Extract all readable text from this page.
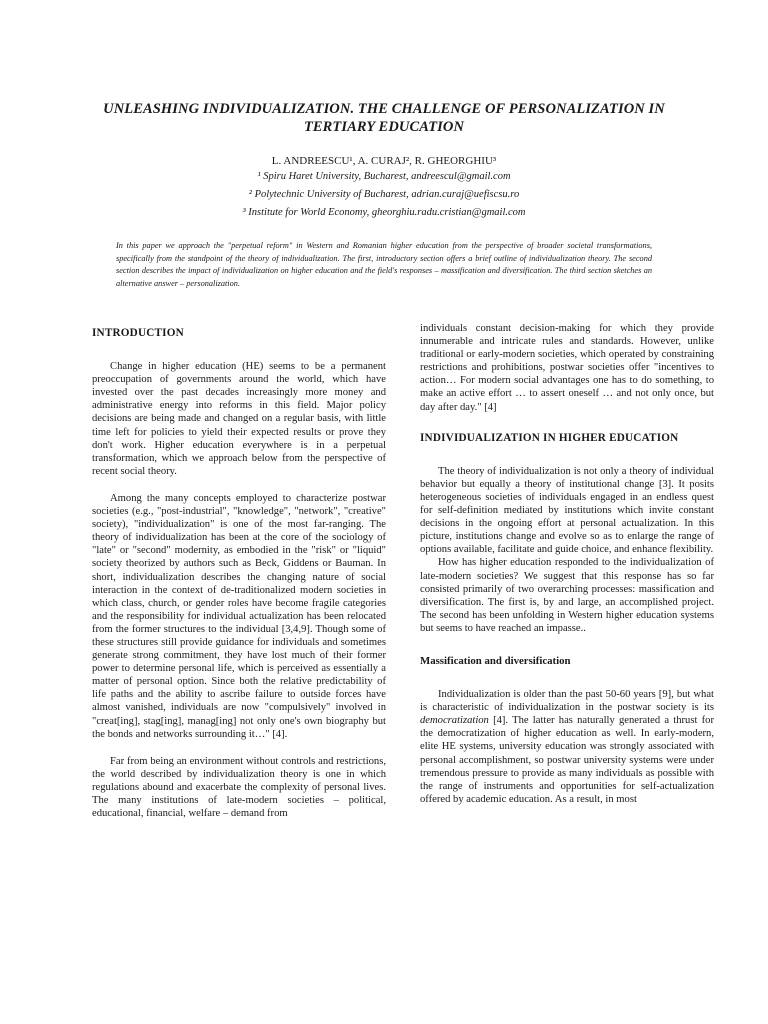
UNLEASHING INDIVIDUALIZATION. THE CHALLENGE OF PERSONALIZATION IN TERTIARY EDUCATION
L. ANDREESCU¹, A. CURAJ², R. GHEORGHIU³
¹ Spiru Haret University, Bucharest, andreescul@gmail.com
² Polytechnic University of Bucharest, adrian.curaj@uefiscsu.ro
³ Institute for World Economy, gheorghiu.radu.cristian@gmail.com
In this paper we approach the "perpetual reform" in Western and Romanian higher education from the perspective of broader societal transformations, specifically from the standpoint of the theory of individualization. The first, introductory section offers a brief outline of individualization theory. The second section describes the impact of individualization on higher education and the field's responses – massification and diversification. The third section sketches an alternative answer – personalization.
INTRODUCTION

Change in higher education (HE) seems to be a permanent preoccupation of governments around the world, which have invested over the past decades increasingly more money and administrative energy into reforms in this field. Major policy decisions are being made and changed on a regular basis, with little time left for policies to yield their expected results or prove they don't work. Higher education everywhere is in a perpetual transformation, which we approach below from the perspective of recent social theory.

Among the many concepts employed to characterize postwar societies (e.g., "post-industrial", "knowledge", "network", "creative" society), "individualization" is one of the most far-ranging. The theory of individualization has been at the core of the sociology of "late" or "second" modernity, as embodied in the "risk" or "liquid" society theorized by authors such as Beck, Giddens or Bauman. In short, individualization describes the changing nature of social interaction in the context of de-traditionalized modern societies in which class, church, or gender roles have become fragile categories and the responsibility for individual actualization has been relocated from the former structures to the individual [3,4,9]. Though some of these structures still provide guidance for individuals and sometimes generate strong commitment, they have lost much of their former power to determine personal life, which is perceived as essentially a matter of personal option. Since both the relative predictability of life paths and the ability to ascribe failure to outside forces have almost vanished, individuals are now "compulsively" involved in "creat[ing], stag[ing], manag[ing] not only one's own biography but the bonds and networks surrounding it…" [4].

Far from being an environment without controls and restrictions, the world described by individualization theory is one in which regulations abound and exacerbate the complexity of personal lives. The many institutions of late-modern societies – political, educational, financial, welfare – demand from

individuals constant decision-making for which they provide innumerable and intricate rules and standards. However, unlike traditional or early-modern societies, which operated by constraining restrictions and prohibitions, postwar societies offer "incentives to action… For modern social advantages one has to do something, to make an active effort … to assert oneself … and not only once, but day after day." [4]

INDIVIDUALIZATION IN HIGHER EDUCATION

The theory of individualization is not only a theory of individual behavior but equally a theory of institutional change [3]. It posits heterogeneous societies of individuals engaged in an endless quest for self-definition mediated by institutions which invite constant decisions in the ongoing effort at personal actualization. In this picture, institutions change and evolve so as to enlarge the range of options available, facilitate and guide choice, and enhance flexibility.

How has higher education responded to the individualization of late-modern societies? We suggest that this response has so far consisted primarily of two overarching processes: massification and diversification. The first is, by and large, an accomplished project. The second has been unfolding in Western higher education systems but seems to have reached an impasse..

Massification and diversification

Individualization is older than the past 50-60 years [9], but what is characteristic of individualization in the postwar society is its democratization [4]. The latter has naturally generated a thrust for the democratization of higher education as well. In early-modern, elite HE systems, university education was strongly associated with personal accomplishment, so postwar university systems were under tremendous pressure to provide as many individuals as possible with the range of instruments and opportunities for self-actualization offered by academic education. As a result, in most
